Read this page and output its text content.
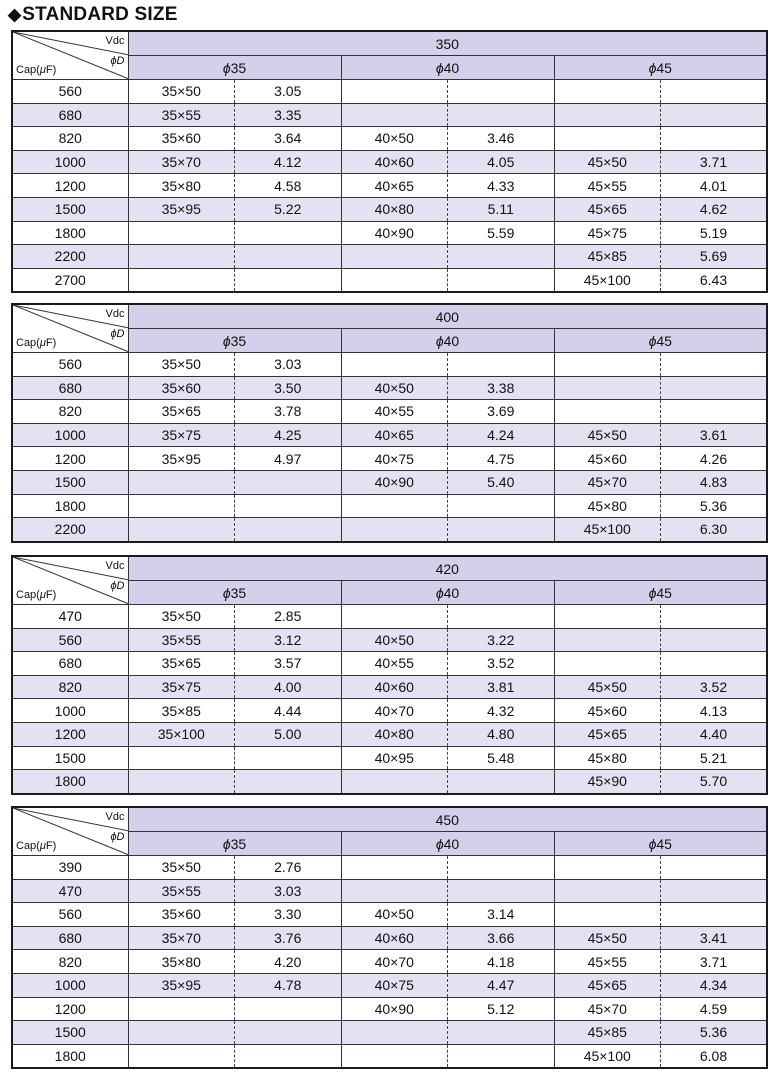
◆STANDARD SIZE
Vdc
ϕD
Cap(μF)	350					
	ϕ35		ϕ40		ϕ45	
560	35×50	3.05				
680	35×55	3.35				
820	35×60	3.64	40×50	3.46		
1000	35×70	4.12	40×60	4.05	45×50	3.71
1200	35×80	4.58	40×65	4.33	45×55	4.01
1500	35×95	5.22	40×80	5.11	45×65	4.62
1800			40×90	5.59	45×75	5.19
2200					45×85	5.69
2700					45×100	6.43
Vdc
ϕD
Cap(μF)	400					
	ϕ35		ϕ40		ϕ45	
560	35×50	3.03				
680	35×60	3.50	40×50	3.38		
820	35×65	3.78	40×55	3.69		
1000	35×75	4.25	40×65	4.24	45×50	3.61
1200	35×95	4.97	40×75	4.75	45×60	4.26
1500			40×90	5.40	45×70	4.83
1800					45×80	5.36
2200					45×100	6.30
Vdc
ϕD
Cap(μF)	420					
	ϕ35		ϕ40		ϕ45	
470	35×50	2.85				
560	35×55	3.12	40×50	3.22		
680	35×65	3.57	40×55	3.52		
820	35×75	4.00	40×60	3.81	45×50	3.52
1000	35×85	4.44	40×70	4.32	45×60	4.13
1200	35×100	5.00	40×80	4.80	45×65	4.40
1500			40×95	5.48	45×80	5.21
1800					45×90	5.70
Vdc
ϕD
Cap(μF)	450					
	ϕ35		ϕ40		ϕ45	
390	35×50	2.76				
470	35×55	3.03				
560	35×60	3.30	40×50	3.14		
680	35×70	3.76	40×60	3.66	45×50	3.41
820	35×80	4.20	40×70	4.18	45×55	3.71
1000	35×95	4.78	40×75	4.47	45×65	4.34
1200			40×90	5.12	45×70	4.59
1500					45×85	5.36
1800					45×100	6.08
